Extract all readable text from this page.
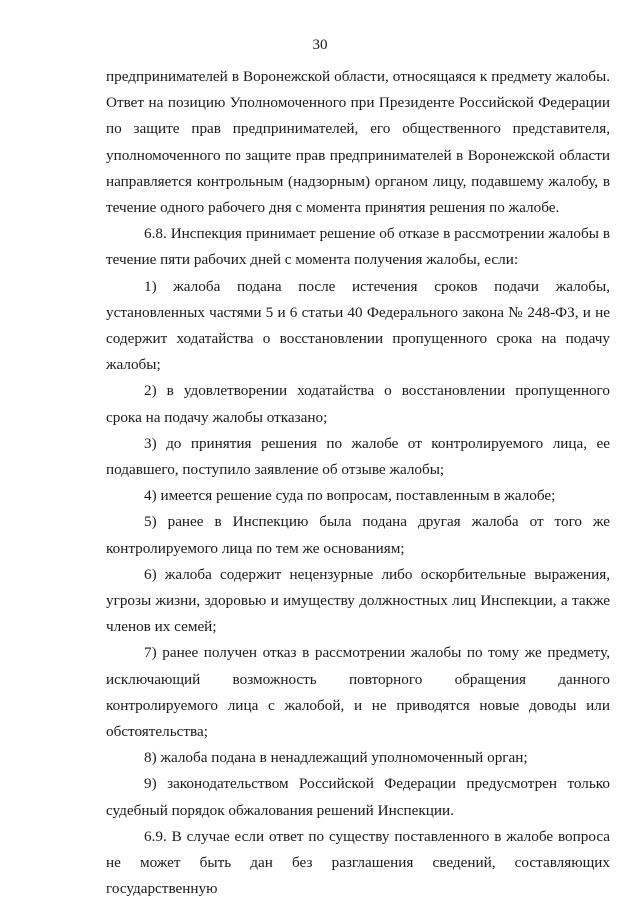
30

предпринимателей в Воронежской области, относящаяся к предмету жалобы. Ответ на позицию Уполномоченного при Президенте Российской Федерации по защите прав предпринимателей, его общественного представителя, уполномоченного по защите прав предпринимателей в Воронежской области направляется контрольным (надзорным) органом лицу, подавшему жалобу, в течение одного рабочего дня с момента принятия решения по жалобе.

6.8. Инспекция принимает решение об отказе в рассмотрении жалобы в течение пяти рабочих дней с момента получения жалобы, если:

1) жалоба подана после истечения сроков подачи жалобы, установленных частями 5 и 6 статьи 40 Федерального закона № 248-ФЗ, и не содержит ходатайства о восстановлении пропущенного срока на подачу жалобы;

2) в удовлетворении ходатайства о восстановлении пропущенного срока на подачу жалобы отказано;

3) до принятия решения по жалобе от контролируемого лица, ее подавшего, поступило заявление об отзыве жалобы;

4) имеется решение суда по вопросам, поставленным в жалобе;

5) ранее в Инспекцию была подана другая жалоба от того же контролируемого лица по тем же основаниям;

6) жалоба содержит нецензурные либо оскорбительные выражения, угрозы жизни, здоровью и имуществу должностных лиц Инспекции, а также членов их семей;

7) ранее получен отказ в рассмотрении жалобы по тому же предмету, исключающий возможность повторного обращения данного контролируемого лица с жалобой, и не приводятся новые доводы или обстоятельства;

8) жалоба подана в ненадлежащий уполномоченный орган;

9) законодательством Российской Федерации предусмотрен только судебный порядок обжалования решений Инспекции.

6.9. В случае если ответ по существу поставленного в жалобе вопроса не может быть дан без разглашения сведений, составляющих государственную
